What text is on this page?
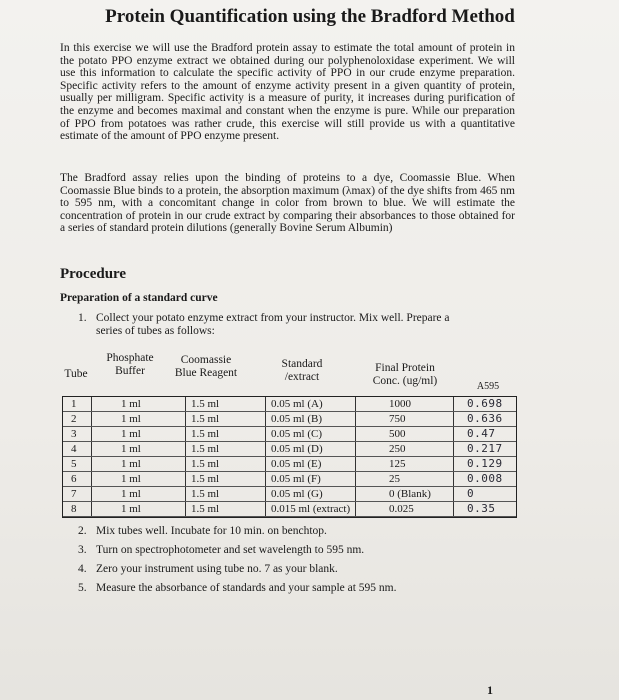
Protein Quantification using the Bradford Method
In this exercise we will use the Bradford protein assay to estimate the total amount of protein in the potato PPO enzyme extract we obtained during our polyphenoloxidase experiment. We will use this information to calculate the specific activity of PPO in our crude enzyme preparation. Specific activity refers to the amount of enzyme activity present in a given quantity of protein, usually per milligram. Specific activity is a measure of purity, it increases during purification of the enzyme and becomes maximal and constant when the enzyme is pure. While our preparation of PPO from potatoes was rather crude, this exercise will still provide us with a quantitative estimate of the amount of PPO enzyme present.
The Bradford assay relies upon the binding of proteins to a dye, Coomassie Blue. When Coomassie Blue binds to a protein, the absorption maximum (λmax) of the dye shifts from 465 nm to 595 nm, with a concomitant change in color from brown to blue. We will estimate the concentration of protein in our crude extract by comparing their absorbances to those obtained for a series of standard protein dilutions (generally Bovine Serum Albumin)
Procedure
Preparation of a standard curve
1. Collect your potato enzyme extract from your instructor. Mix well. Prepare a
series of tubes as follows:
Tube
Phosphate
Buffer
Coomassie
Blue Reagent
Standard
/extract
Final Protein
Conc. (ug/ml)	A595
1	1 ml	1.5 ml	0.05 ml (A)	1000	0.698
2	1 ml	1.5 ml	0.05 ml (B)	750	0.636
3	1 ml	1.5 ml	0.05 ml (C)	500	0.47
4	1 ml	1.5 ml	0.05 ml (D)	250	0.217
5	1 ml	1.5 ml	0.05 ml (E)	125	0.129
6	1 ml	1.5 ml	0.05 ml (F)	25	0.008
7	1 ml	1.5 ml	0.05 ml (G)	0 (Blank)	0
8	1 ml	1.5 ml	0.015 ml (extract)	0.025	0.35
2. Mix tubes well. Incubate for 10 min. on benchtop.
3. Turn on spectrophotometer and set wavelength to 595 nm.
4. Zero your instrument using tube no. 7 as your blank.
5. Measure the absorbance of standards and your sample at 595 nm.
1
